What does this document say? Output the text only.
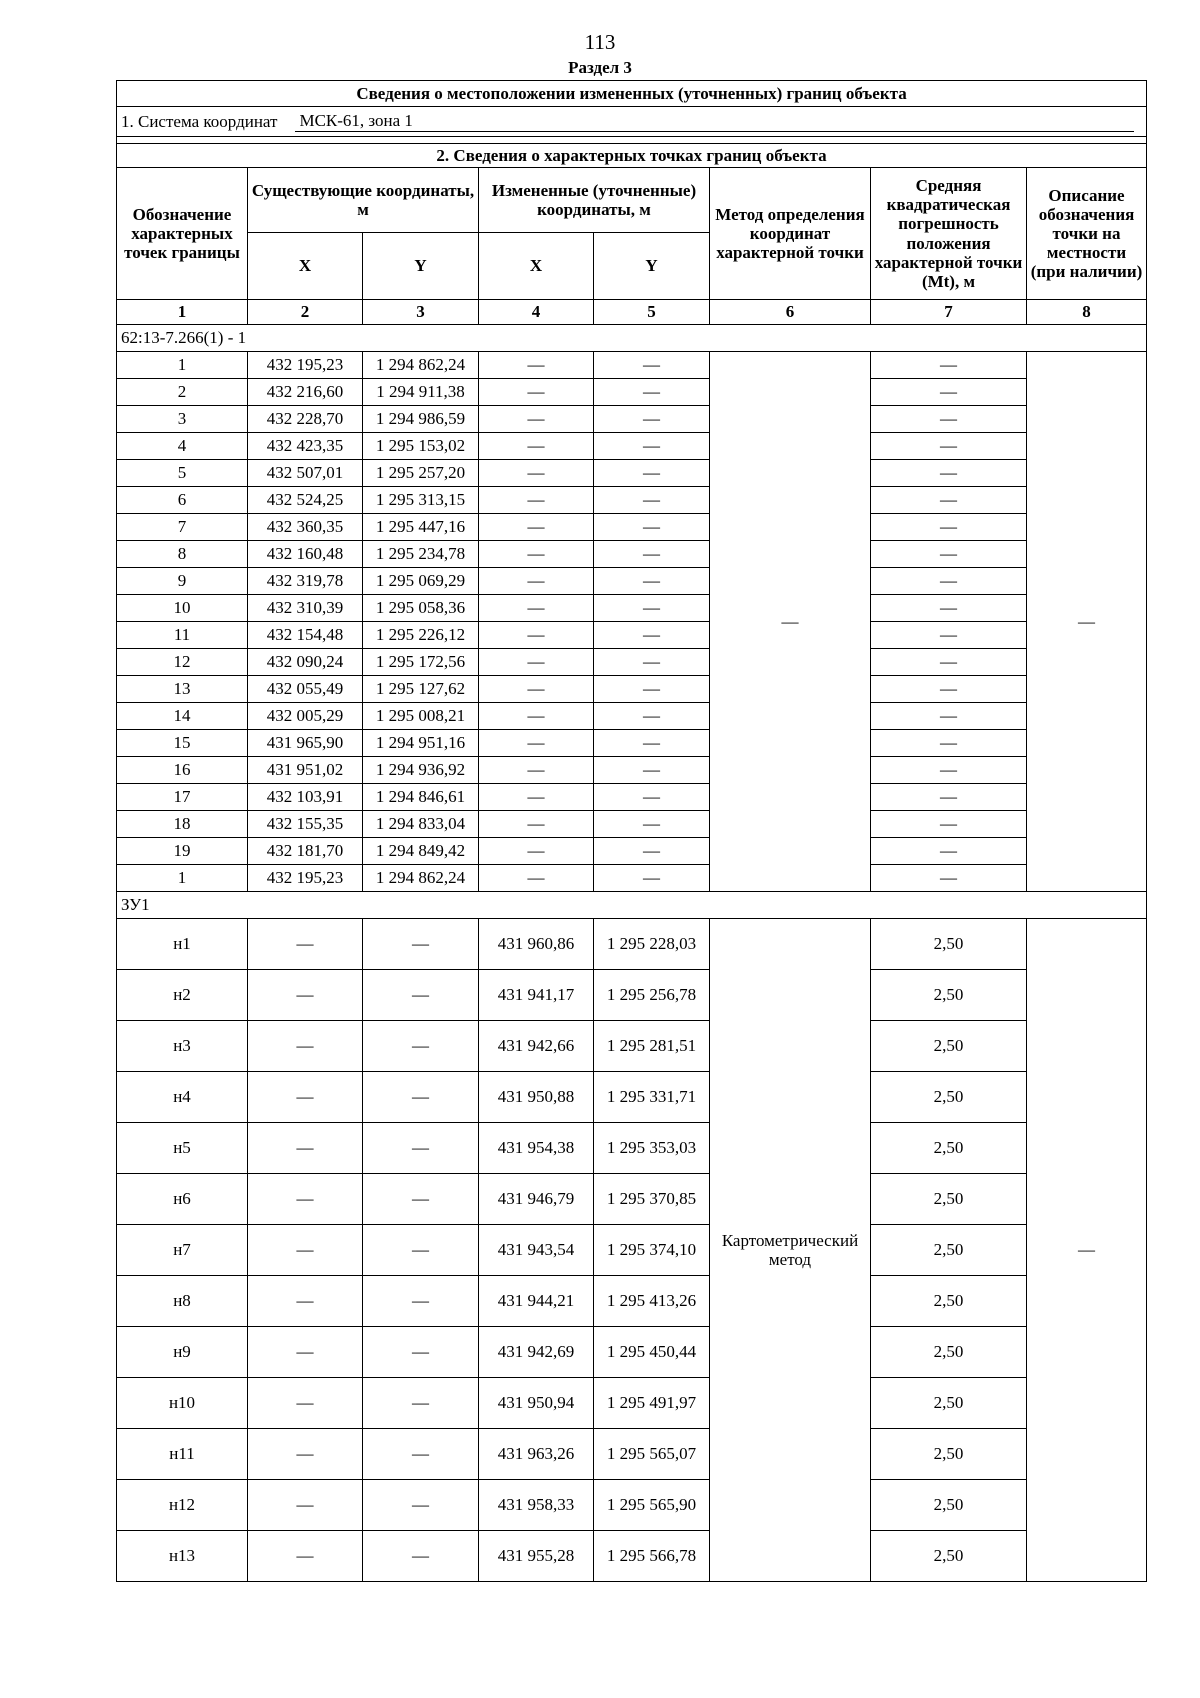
113
Раздел 3
Сведения о местоположении измененных (уточненных) границ объекта							

1. Система координат МСК-61, зона 1							

2. Сведения о характерных точках границ объекта							
Обозначение характерных точек границы	Существующие координаты, м		Измененные (уточненные) координаты, м		Метод определения координат характерной точки	Средняя квадратическая погрешность положения характерной точки (Mt), м	Описание обозначения точки на местности (при наличии)
	X	Y	X	Y			
1	2	3	4	5	6	7	8
62:13-7.266(1) - 1							
1	432 195,23	1 294 862,24	—	—	—	—	—
2	432 216,60	1 294 911,38	—	—		—	
3	432 228,70	1 294 986,59	—	—		—	
4	432 423,35	1 295 153,02	—	—		—	
5	432 507,01	1 295 257,20	—	—		—	
6	432 524,25	1 295 313,15	—	—		—	
7	432 360,35	1 295 447,16	—	—		—	
8	432 160,48	1 295 234,78	—	—		—	
9	432 319,78	1 295 069,29	—	—		—	
10	432 310,39	1 295 058,36	—	—		—	
11	432 154,48	1 295 226,12	—	—		—	
12	432 090,24	1 295 172,56	—	—		—	
13	432 055,49	1 295 127,62	—	—		—	
14	432 005,29	1 295 008,21	—	—		—	
15	431 965,90	1 294 951,16	—	—		—	
16	431 951,02	1 294 936,92	—	—		—	
17	432 103,91	1 294 846,61	—	—		—	
18	432 155,35	1 294 833,04	—	—		—	
19	432 181,70	1 294 849,42	—	—		—	
1	432 195,23	1 294 862,24	—	—		—	
ЗУ1							
н1	—	—	431 960,86	1 295 228,03	Картометрический метод	2,50	—
н2	—	—	431 941,17	1 295 256,78		2,50	
н3	—	—	431 942,66	1 295 281,51		2,50	
н4	—	—	431 950,88	1 295 331,71		2,50	
н5	—	—	431 954,38	1 295 353,03		2,50	
н6	—	—	431 946,79	1 295 370,85		2,50	
н7	—	—	431 943,54	1 295 374,10		2,50	
н8	—	—	431 944,21	1 295 413,26		2,50	
н9	—	—	431 942,69	1 295 450,44		2,50	
н10	—	—	431 950,94	1 295 491,97		2,50	
н11	—	—	431 963,26	1 295 565,07		2,50	
н12	—	—	431 958,33	1 295 565,90		2,50	
н13	—	—	431 955,28	1 295 566,78		2,50	
